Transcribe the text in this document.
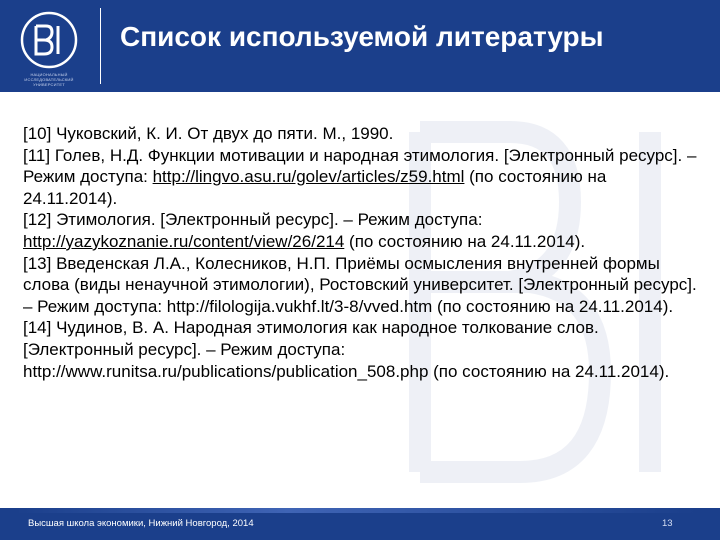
НАЦИОНАЛЬНЫЙ ИССЛЕДОВАТЕЛЬСКИЙ УНИВЕРСИТЕТ
Список используемой литературы

[10] Чуковский, К. И. От двух до пяти. М., 1990.

[11] Голев, Н.Д. Функции мотивации и народная этимология. [Электронный ресурс]. – Режим доступа: http://lingvo.asu.ru/golev/articles/z59.html (по состоянию на 24.11.2014).

[12] Этимология. [Электронный ресурс]. – Режим доступа: http://yazykoznanie.ru/content/view/26/214 (по состоянию на 24.11.2014).

[13] Введенская Л.А., Колесников, Н.П. Приёмы осмысления внутренней формы слова (виды ненаучной этимологии), Ростовский университет. [Электронный ресурс]. – Режим доступа: http://filologija.vukhf.lt/3-8/vved.htm (по состоянию на 24.11.2014).

[14] Чудинов, В. А. Народная этимология как народное толкование слов. [Электронный ресурс]. – Режим доступа: http://www.runitsa.ru/publications/publication_508.php (по состоянию на 24.11.2014).

Высшая школа экономики, Нижний Новгород, 2014	13
